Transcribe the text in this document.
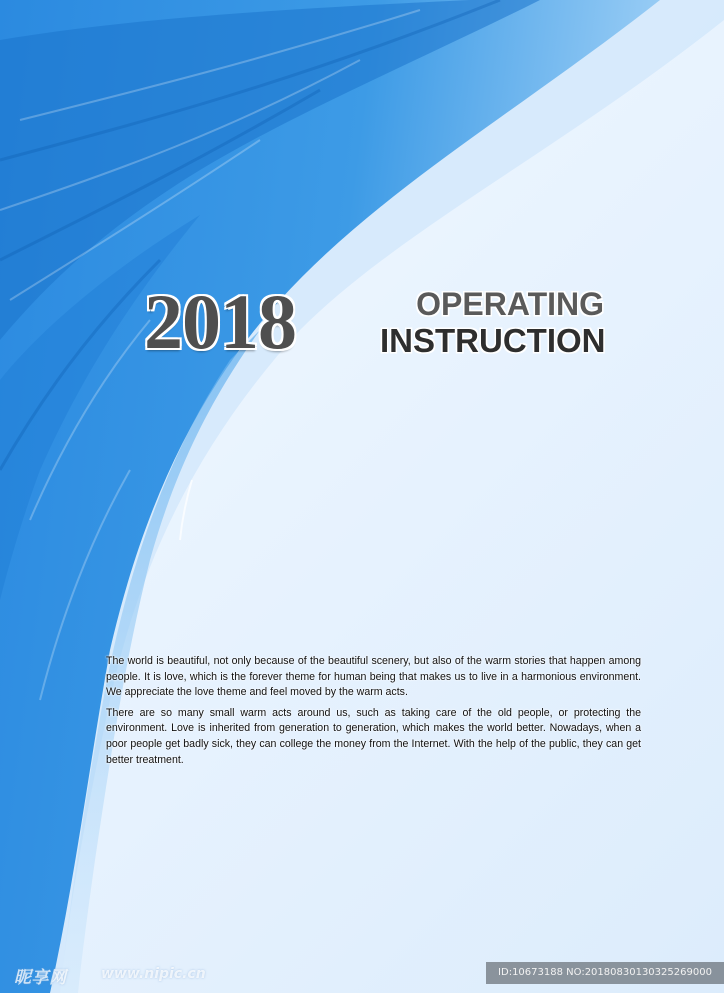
2018	OPERATING
INSTRUCTION

The world is beautiful, not only because of the beautiful scenery, but also of the warm stories that happen among people. It is love, which is the forever theme for human being that makes us to live in a harmonious environment. We appreciate the love theme and feel moved by the warm acts.

There are so many small warm acts around us, such as taking care of the old people, or protecting the environment. Love is inherited from generation to generation, which makes the world better. Nowadays, when a poor people get badly sick, they can college the money from the Internet. With the help of the public, they can get better treatment.

昵享网 www.nipic.cn	ID:10673188 NO:20180830130325269000
